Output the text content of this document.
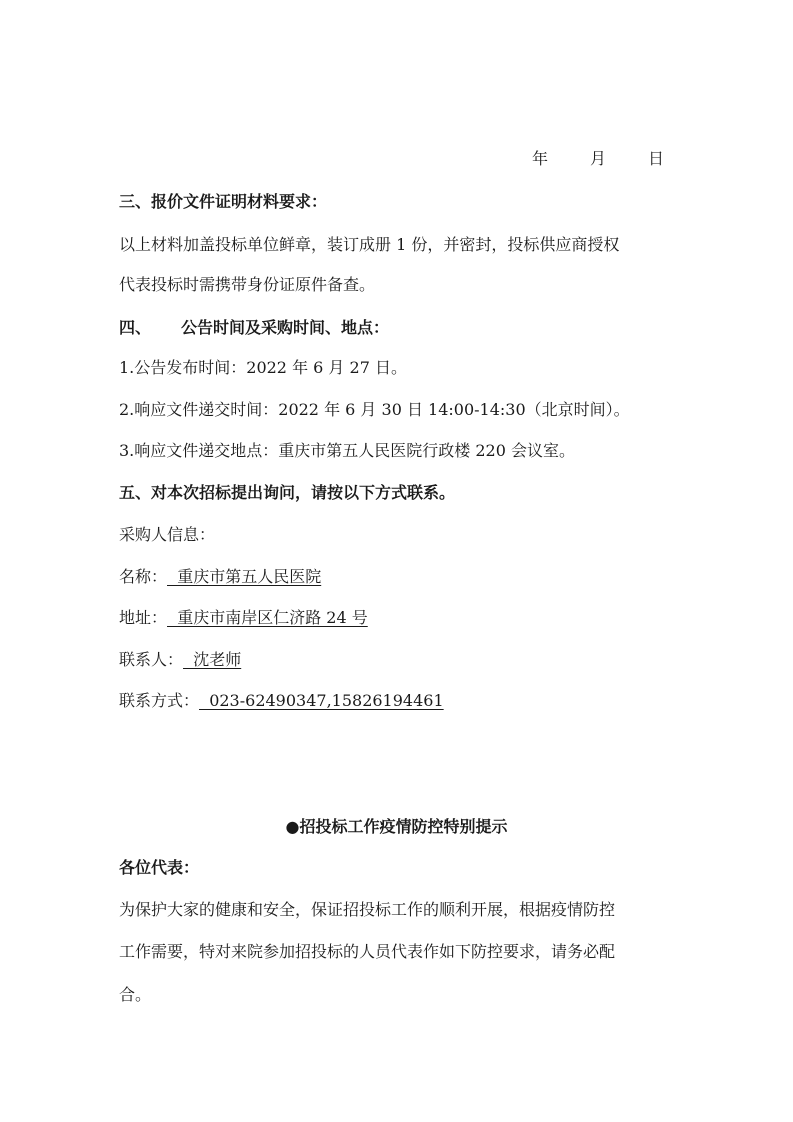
年	月	日
三、报价文件证明材料要求：
以上材料加盖投标单位鲜章，装订成册 1 份，并密封，投标供应商授权
代表投标时需携带身份证原件备查。
四、 公告时间及采购时间、地点：
1.公告发布时间：2022 年 6 月 27 日。
2.响应文件递交时间：2022 年 6 月 30 日 14:00-14:30（北京时间）。
3.响应文件递交地点：重庆市第五人民医院行政楼 220 会议室。
五、对本次招标提出询问，请按以下方式联系。
采购人信息：
名称：  重庆市第五人民医院
地址：  重庆市南岸区仁济路 24 号
联系人：  沈老师
联系方式：  023-62490347,15826194461
●招投标工作疫情防控特别提示
各位代表：
为保护大家的健康和安全，保证招投标工作的顺利开展，根据疫情防控
工作需要，特对来院参加招投标的人员代表作如下防控要求，请务必配
合。
